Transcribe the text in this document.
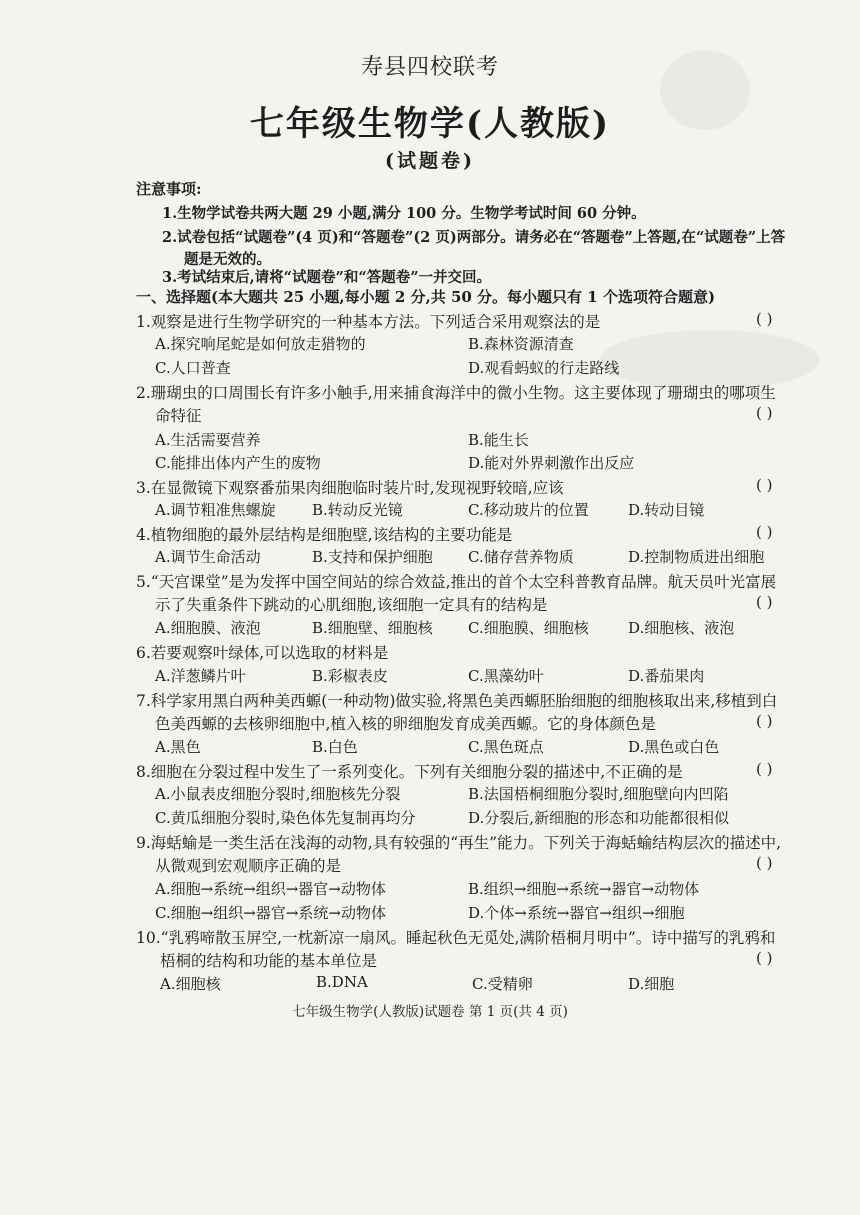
寿县四校联考
七年级生物学(人教版)
(试题卷)
注意事项:
1.生物学试卷共两大题 29 小题,满分 100 分。生物学考试时间 60 分钟。
2.试卷包括“试题卷”(4 页)和“答题卷”(2 页)两部分。请务必在“答题卷”上答题,在“试题卷”上答
题是无效的。
3.考试结束后,请将“试题卷”和“答题卷”一并交回。
一、选择题(本大题共 25 小题,每小题 2 分,共 50 分。每小题只有 1 个选项符合题意)
1.观察是进行生物学研究的一种基本方法。下列适合采用观察法的是	( )
A.探究响尾蛇是如何放走猎物的	B.森林资源清查
C.人口普查	D.观看蚂蚁的行走路线
2.珊瑚虫的口周围长有许多小触手,用来捕食海洋中的微小生物。这主要体现了珊瑚虫的哪项生
命特征	( )
A.生活需要营养	B.能生长
C.能排出体内产生的废物	D.能对外界刺激作出反应
3.在显微镜下观察番茄果肉细胞临时装片时,发现视野较暗,应该	( )
A.调节粗准焦螺旋 B.转动反光镜	C.移动玻片的位置	D.转动目镜
4.植物细胞的最外层结构是细胞壁,该结构的主要功能是	( )
A.调节生命活动	B.支持和保护细胞 C.储存营养物质	D.控制物质进出细胞
5.“天宫课堂”是为发挥中国空间站的综合效益,推出的首个太空科普教育品牌。航天员叶光富展
示了失重条件下跳动的心肌细胞,该细胞一定具有的结构是	( )
A.细胞膜、液泡	B.细胞壁、细胞核 C.细胞膜、细胞核	D.细胞核、液泡
6.若要观察叶绿体,可以选取的材料是
A.洋葱鳞片叶	B.彩椒表皮	C.黑藻幼叶	D.番茄果肉
7.科学家用黑白两种美西螈(一种动物)做实验,将黑色美西螈胚胎细胞的细胞核取出来,移植到白
色美西螈的去核卵细胞中,植入核的卵细胞发育成美西螈。它的身体颜色是	( )
A.黑色	B.白色	C.黑色斑点	D.黑色或白色
8.细胞在分裂过程中发生了一系列变化。下列有关细胞分裂的描述中,不正确的是	( )
A.小鼠表皮细胞分裂时,细胞核先分裂	B.法国梧桐细胞分裂时,细胞壁向内凹陷
C.黄瓜细胞分裂时,染色体先复制再均分	D.分裂后,新细胞的形态和功能都很相似
9.海蛞蝓是一类生活在浅海的动物,具有较强的“再生”能力。下列关于海蛞蝓结构层次的描述中,
从微观到宏观顺序正确的是	( )
A.细胞→系统→组织→器官→动物体	B.组织→细胞→系统→器官→动物体
C.细胞→组织→器官→系统→动物体	D.个体→系统→器官→组织→细胞
10.“乳鸦啼散玉屏空,一枕新凉一扇风。睡起秋色无觅处,满阶梧桐月明中”。诗中描写的乳鸦和
梧桐的结构和功能的基本单位是	( )
A.细胞核	B.DNA	C.受精卵	D.细胞
七年级生物学(人教版)试题卷 第 1 页(共 4 页)
